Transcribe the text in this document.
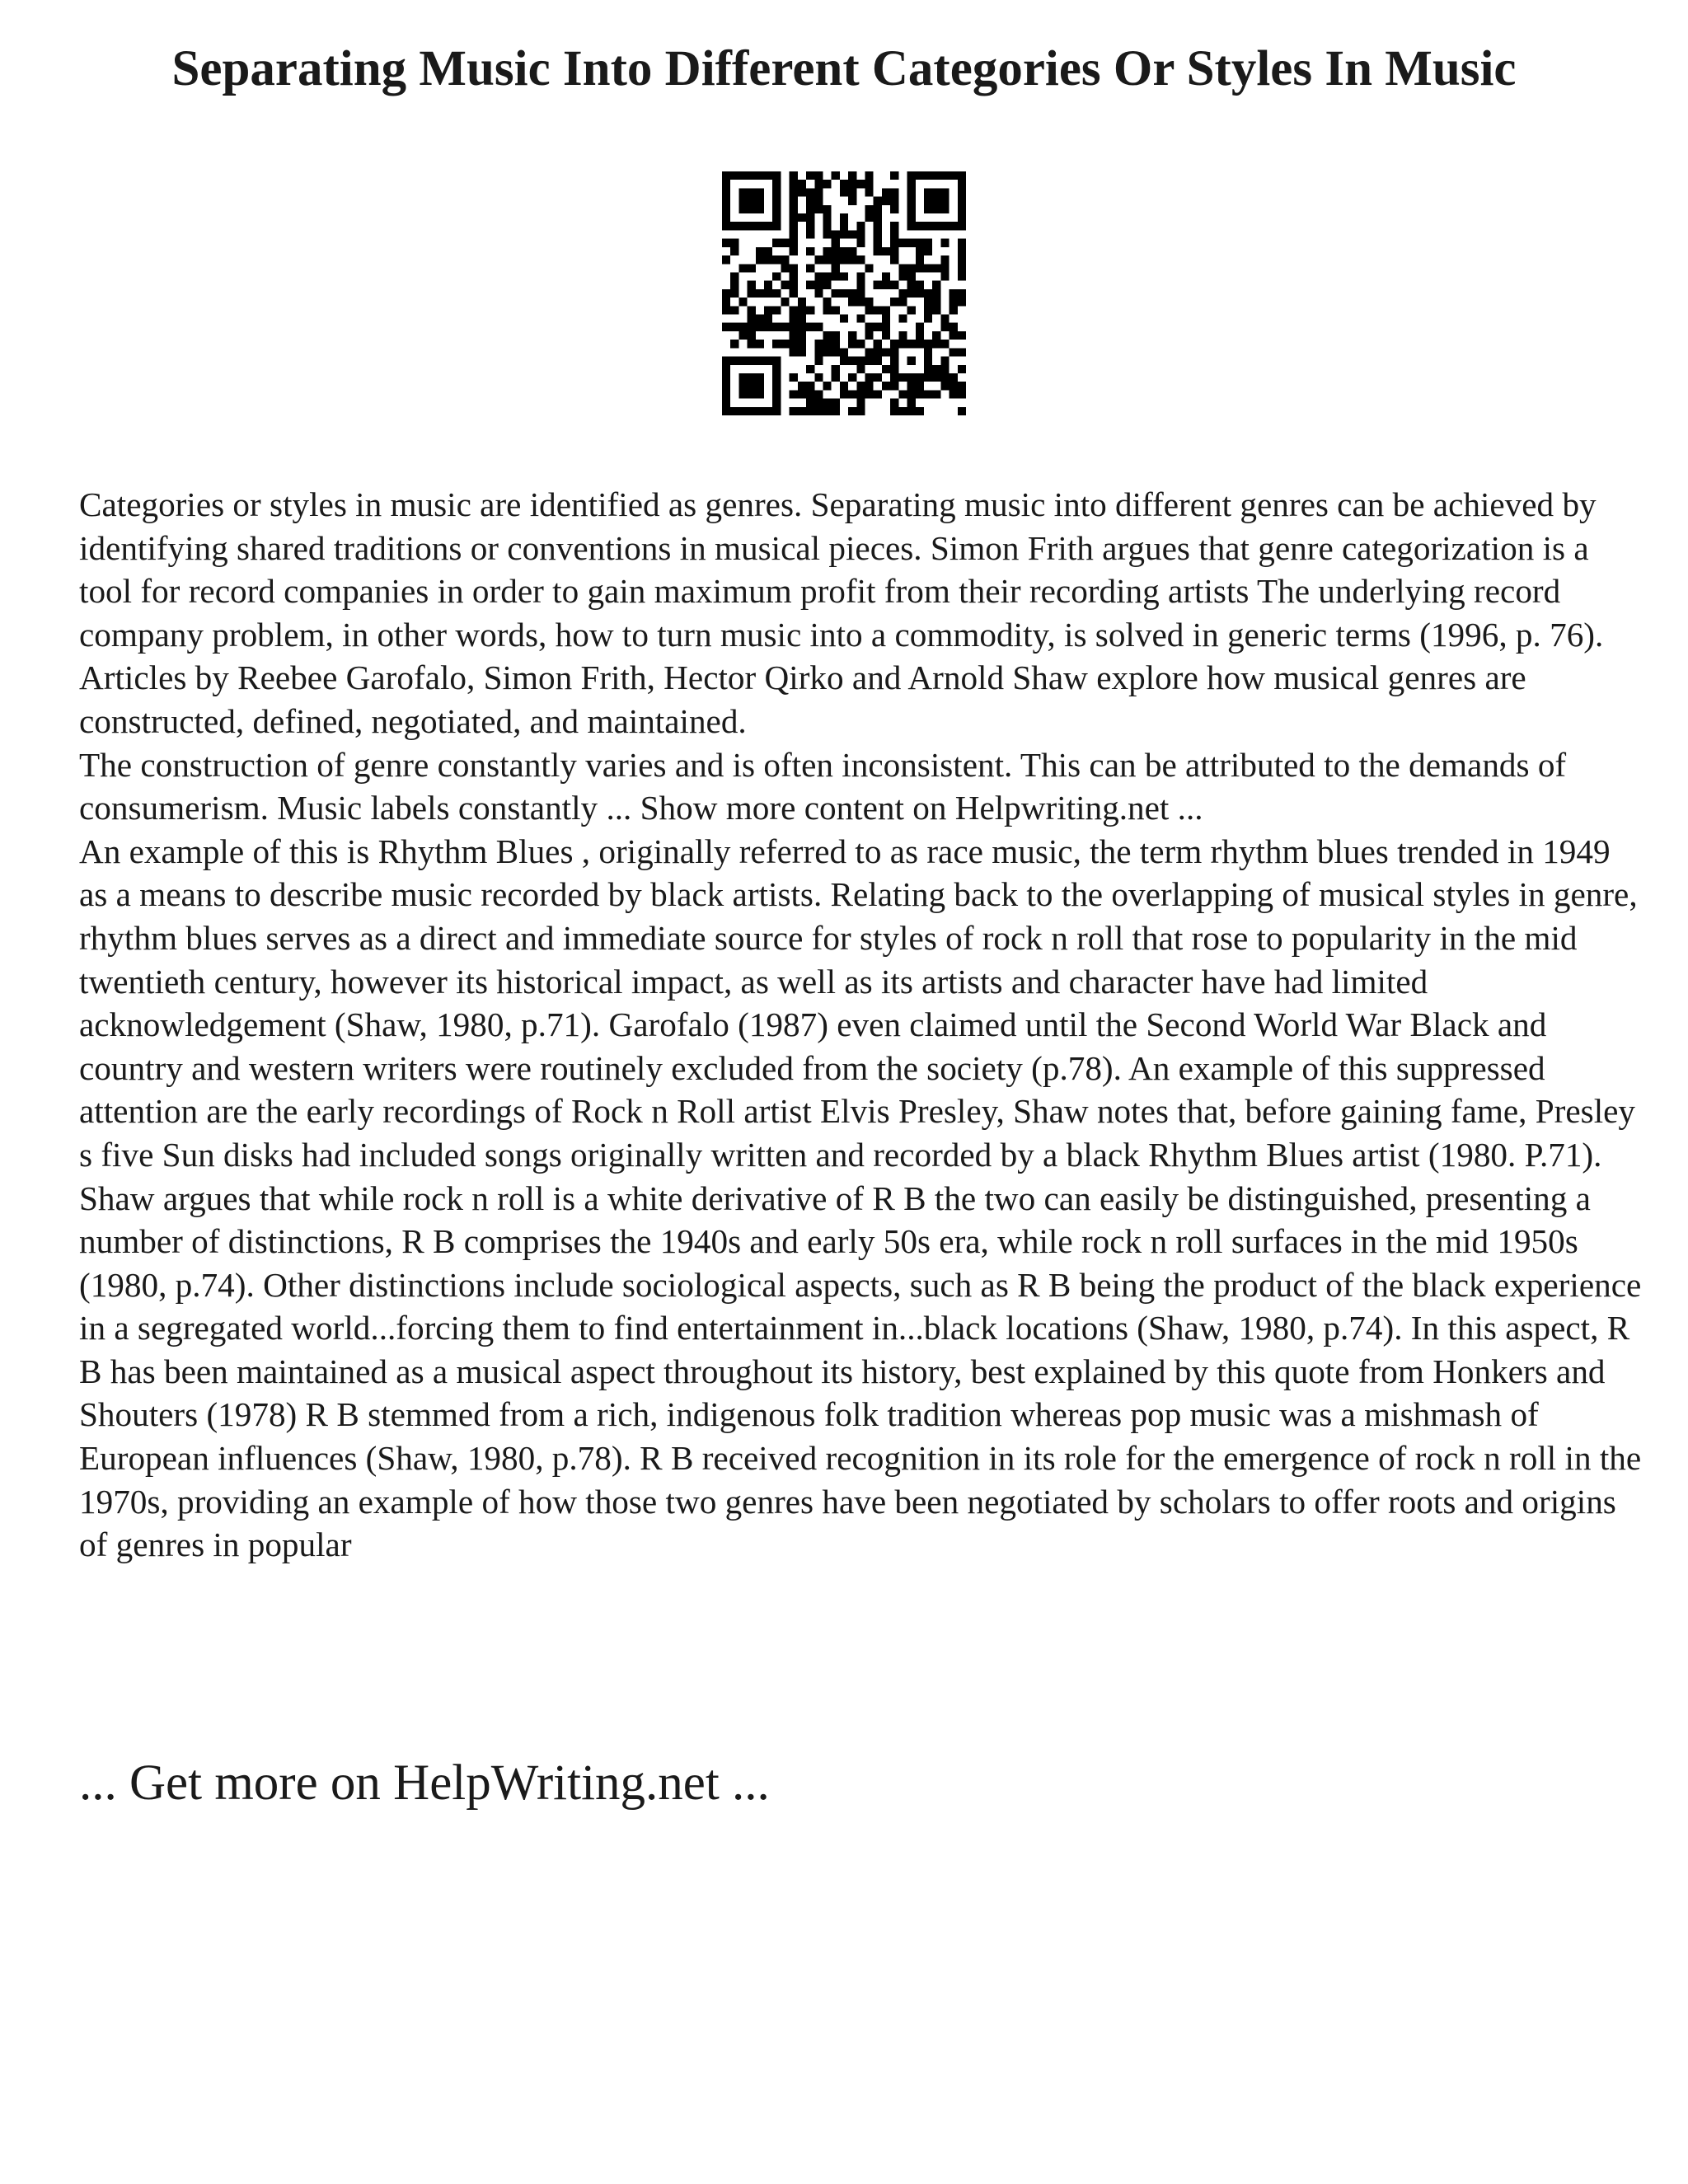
Separating Music Into Different Categories Or Styles In Music

Categories or styles in music are identified as genres. Separating music into different genres can be achieved by identifying shared traditions or conventions in musical pieces. Simon Frith argues that genre categorization is a tool for record companies in order to gain maximum profit from their recording artists The underlying record company problem, in other words, how to turn music into a commodity, is solved in generic terms (1996, p. 76). Articles by Reebee Garofalo, Simon Frith, Hector Qirko and Arnold Shaw explore how musical genres are constructed, defined, negotiated, and maintained.

The construction of genre constantly varies and is often inconsistent. This can be attributed to the demands of consumerism. Music labels constantly ... Show more content on Helpwriting.net ...

An example of this is Rhythm Blues , originally referred to as race music, the term rhythm blues trended in 1949 as a means to describe music recorded by black artists. Relating back to the overlapping of musical styles in genre, rhythm blues serves as a direct and immediate source for styles of rock n roll that rose to popularity in the mid twentieth century, however its historical impact, as well as its artists and character have had limited acknowledgement (Shaw, 1980, p.71). Garofalo (1987) even claimed until the Second World War Black and country and western writers were routinely excluded from the society (p.78). An example of this suppressed attention are the early recordings of Rock n Roll artist Elvis Presley, Shaw notes that, before gaining fame, Presley s five Sun disks had included songs originally written and recorded by a black Rhythm Blues artist (1980. P.71). Shaw argues that while rock n roll is a white derivative of R B the two can easily be distinguished, presenting a number of distinctions, R B comprises the 1940s and early 50s era, while rock n roll surfaces in the mid 1950s (1980, p.74). Other distinctions include sociological aspects, such as R B being the product of the black experience in a segregated world...forcing them to find entertainment in...black locations (Shaw, 1980, p.74). In this aspect, R B has been maintained as a musical aspect throughout its history, best explained by this quote from Honkers and Shouters (1978) R B stemmed from a rich, indigenous folk tradition whereas pop music was a mishmash of European influences (Shaw, 1980, p.78). R B received recognition in its role for the emergence of rock n roll in the 1970s, providing an example of how those two genres have been negotiated by scholars to offer roots and origins of genres in popular

... Get more on HelpWriting.net ...
